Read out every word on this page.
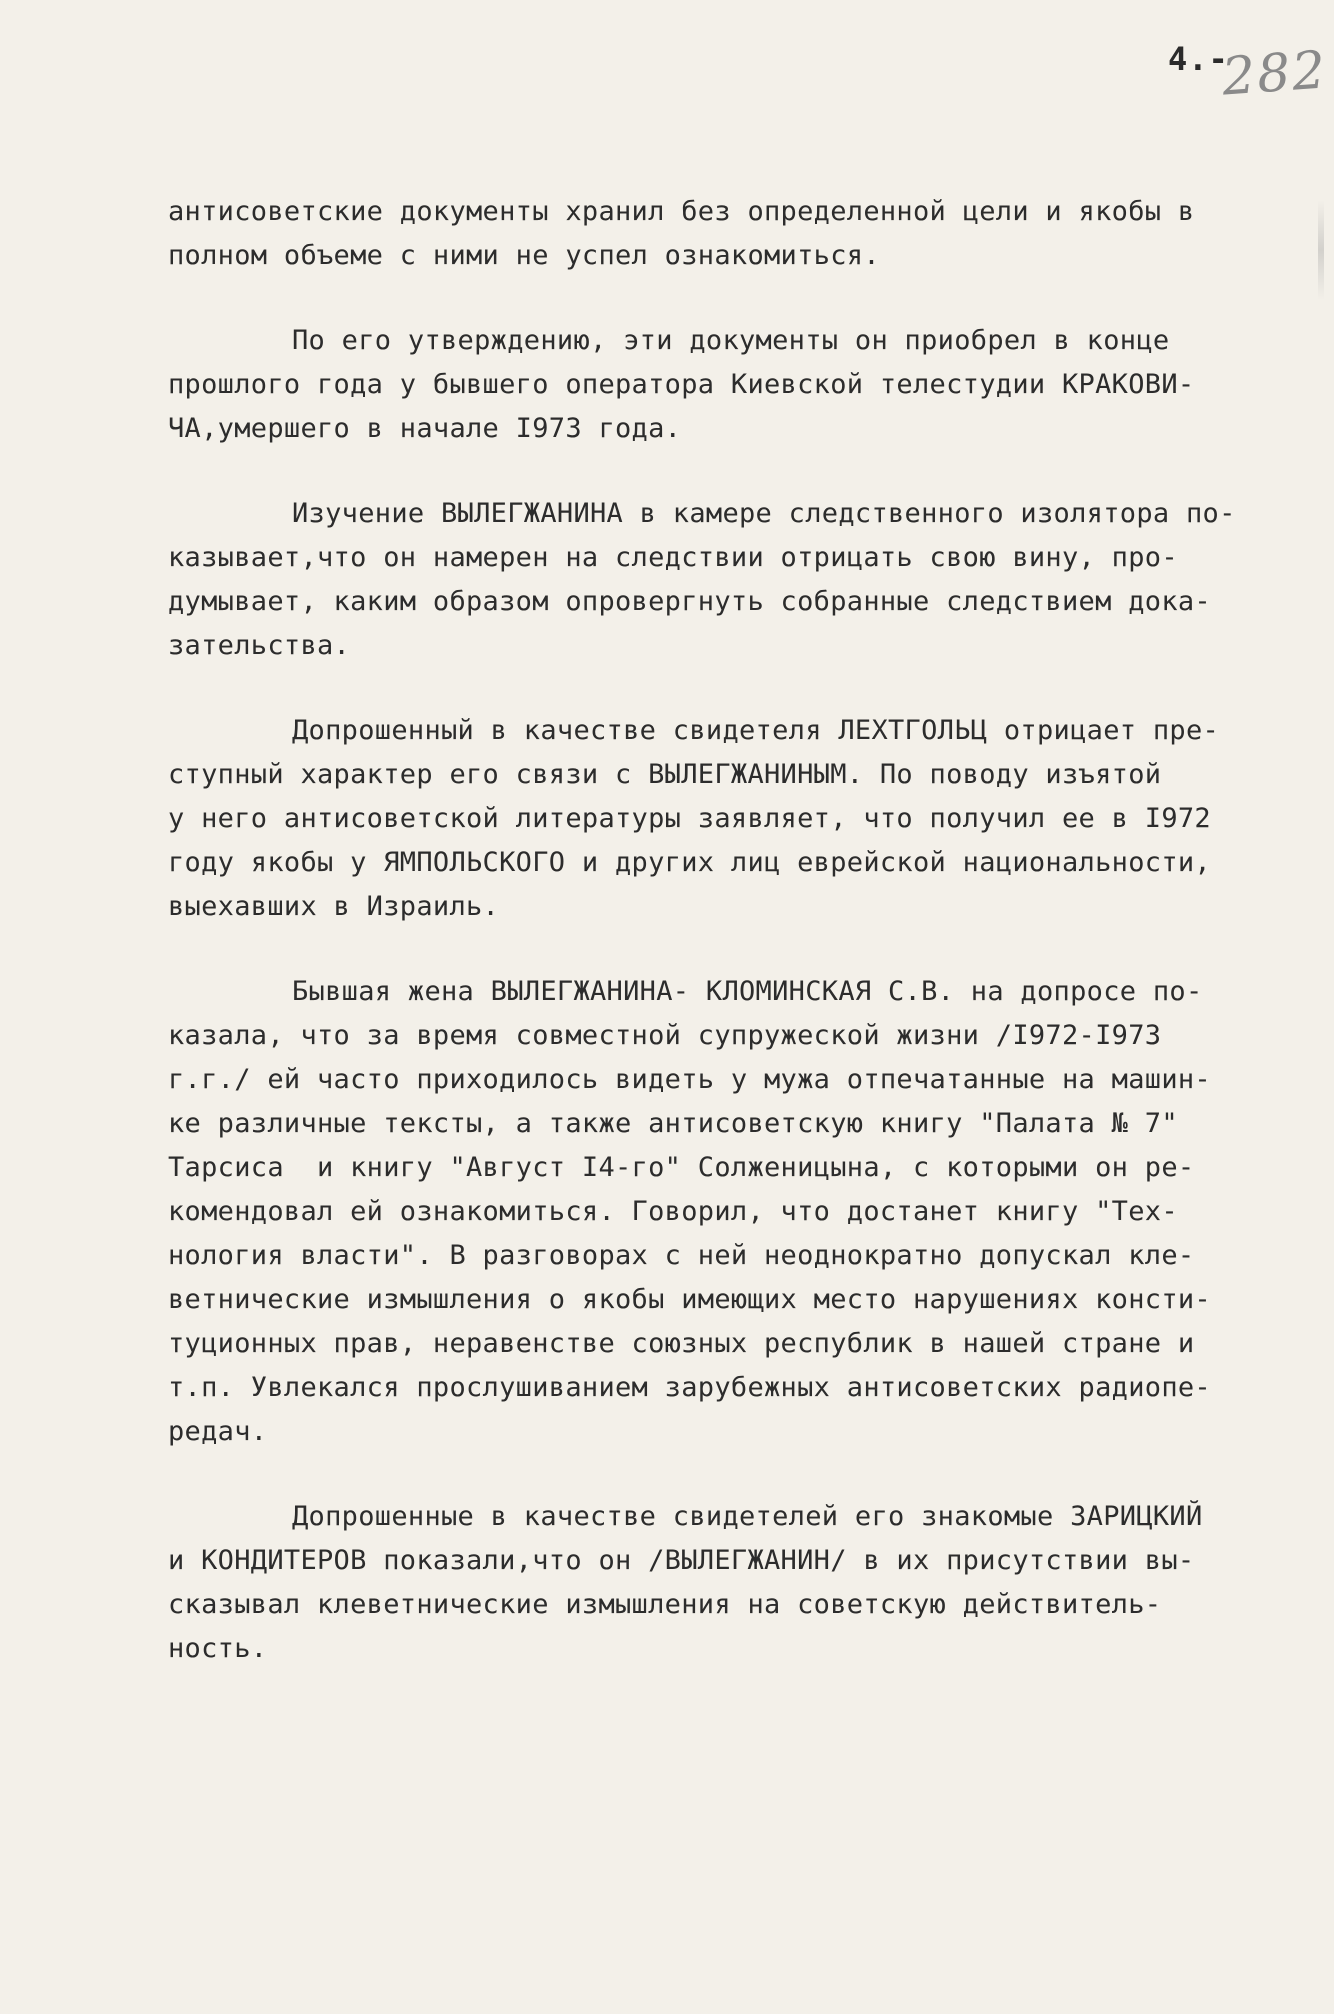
4.-
282
антисоветские документы хранил без определенной цели и якобы в
полном объеме с ними не успел ознакомиться.
По его утверждению, эти документы он приобрел в конце
прошлого года у бывшего оператора Киевской телестудии КРАКОВИ-
ЧА,умершего в начале I973 года.
Изучение ВЫЛЕГЖАНИНА в камере следственного изолятора по-
казывает,что он намерен на следствии отрицать свою вину, про-
думывает, каким образом опровергнуть собранные следствием дока-
зательства.
Допрошенный в качестве свидетеля ЛЕХТГОЛЬЦ отрицает пре-
ступный характер его связи с ВЫЛЕГЖАНИНЫМ. По поводу изъятой
у него антисоветской литературы заявляет, что получил ее в I972
году якобы у ЯМПОЛЬСКОГО и других лиц еврейской национальности,
выехавших в Израиль.
Бывшая жена ВЫЛЕГЖАНИНА- КЛОМИНСКАЯ С.В. на допросе по-
казала, что за время совместной супружеской жизни /I972-I973
г.г./ ей часто приходилось видеть у мужа отпечатанные на машин-
ке различные тексты, а также антисоветскую книгу "Палата № 7"
Тарсиса  и книгу "Август I4-го" Солженицына, с которыми он ре-
комендовал ей ознакомиться. Говорил, что достанет книгу "Тех-
нология власти". В разговорах с ней неоднократно допускал кле-
ветнические измышления о якобы имеющих место нарушениях консти-
туционных прав, неравенстве союзных республик в нашей стране и
т.п. Увлекался прослушиванием зарубежных антисоветских радиопе-
редач.
Допрошенные в качестве свидетелей его знакомые ЗАРИЦКИЙ
и КОНДИТЕРОВ показали,что он /ВЫЛЕГЖАНИН/ в их присутствии вы-
сказывал клеветнические измышления на советскую действитель-
ность.
